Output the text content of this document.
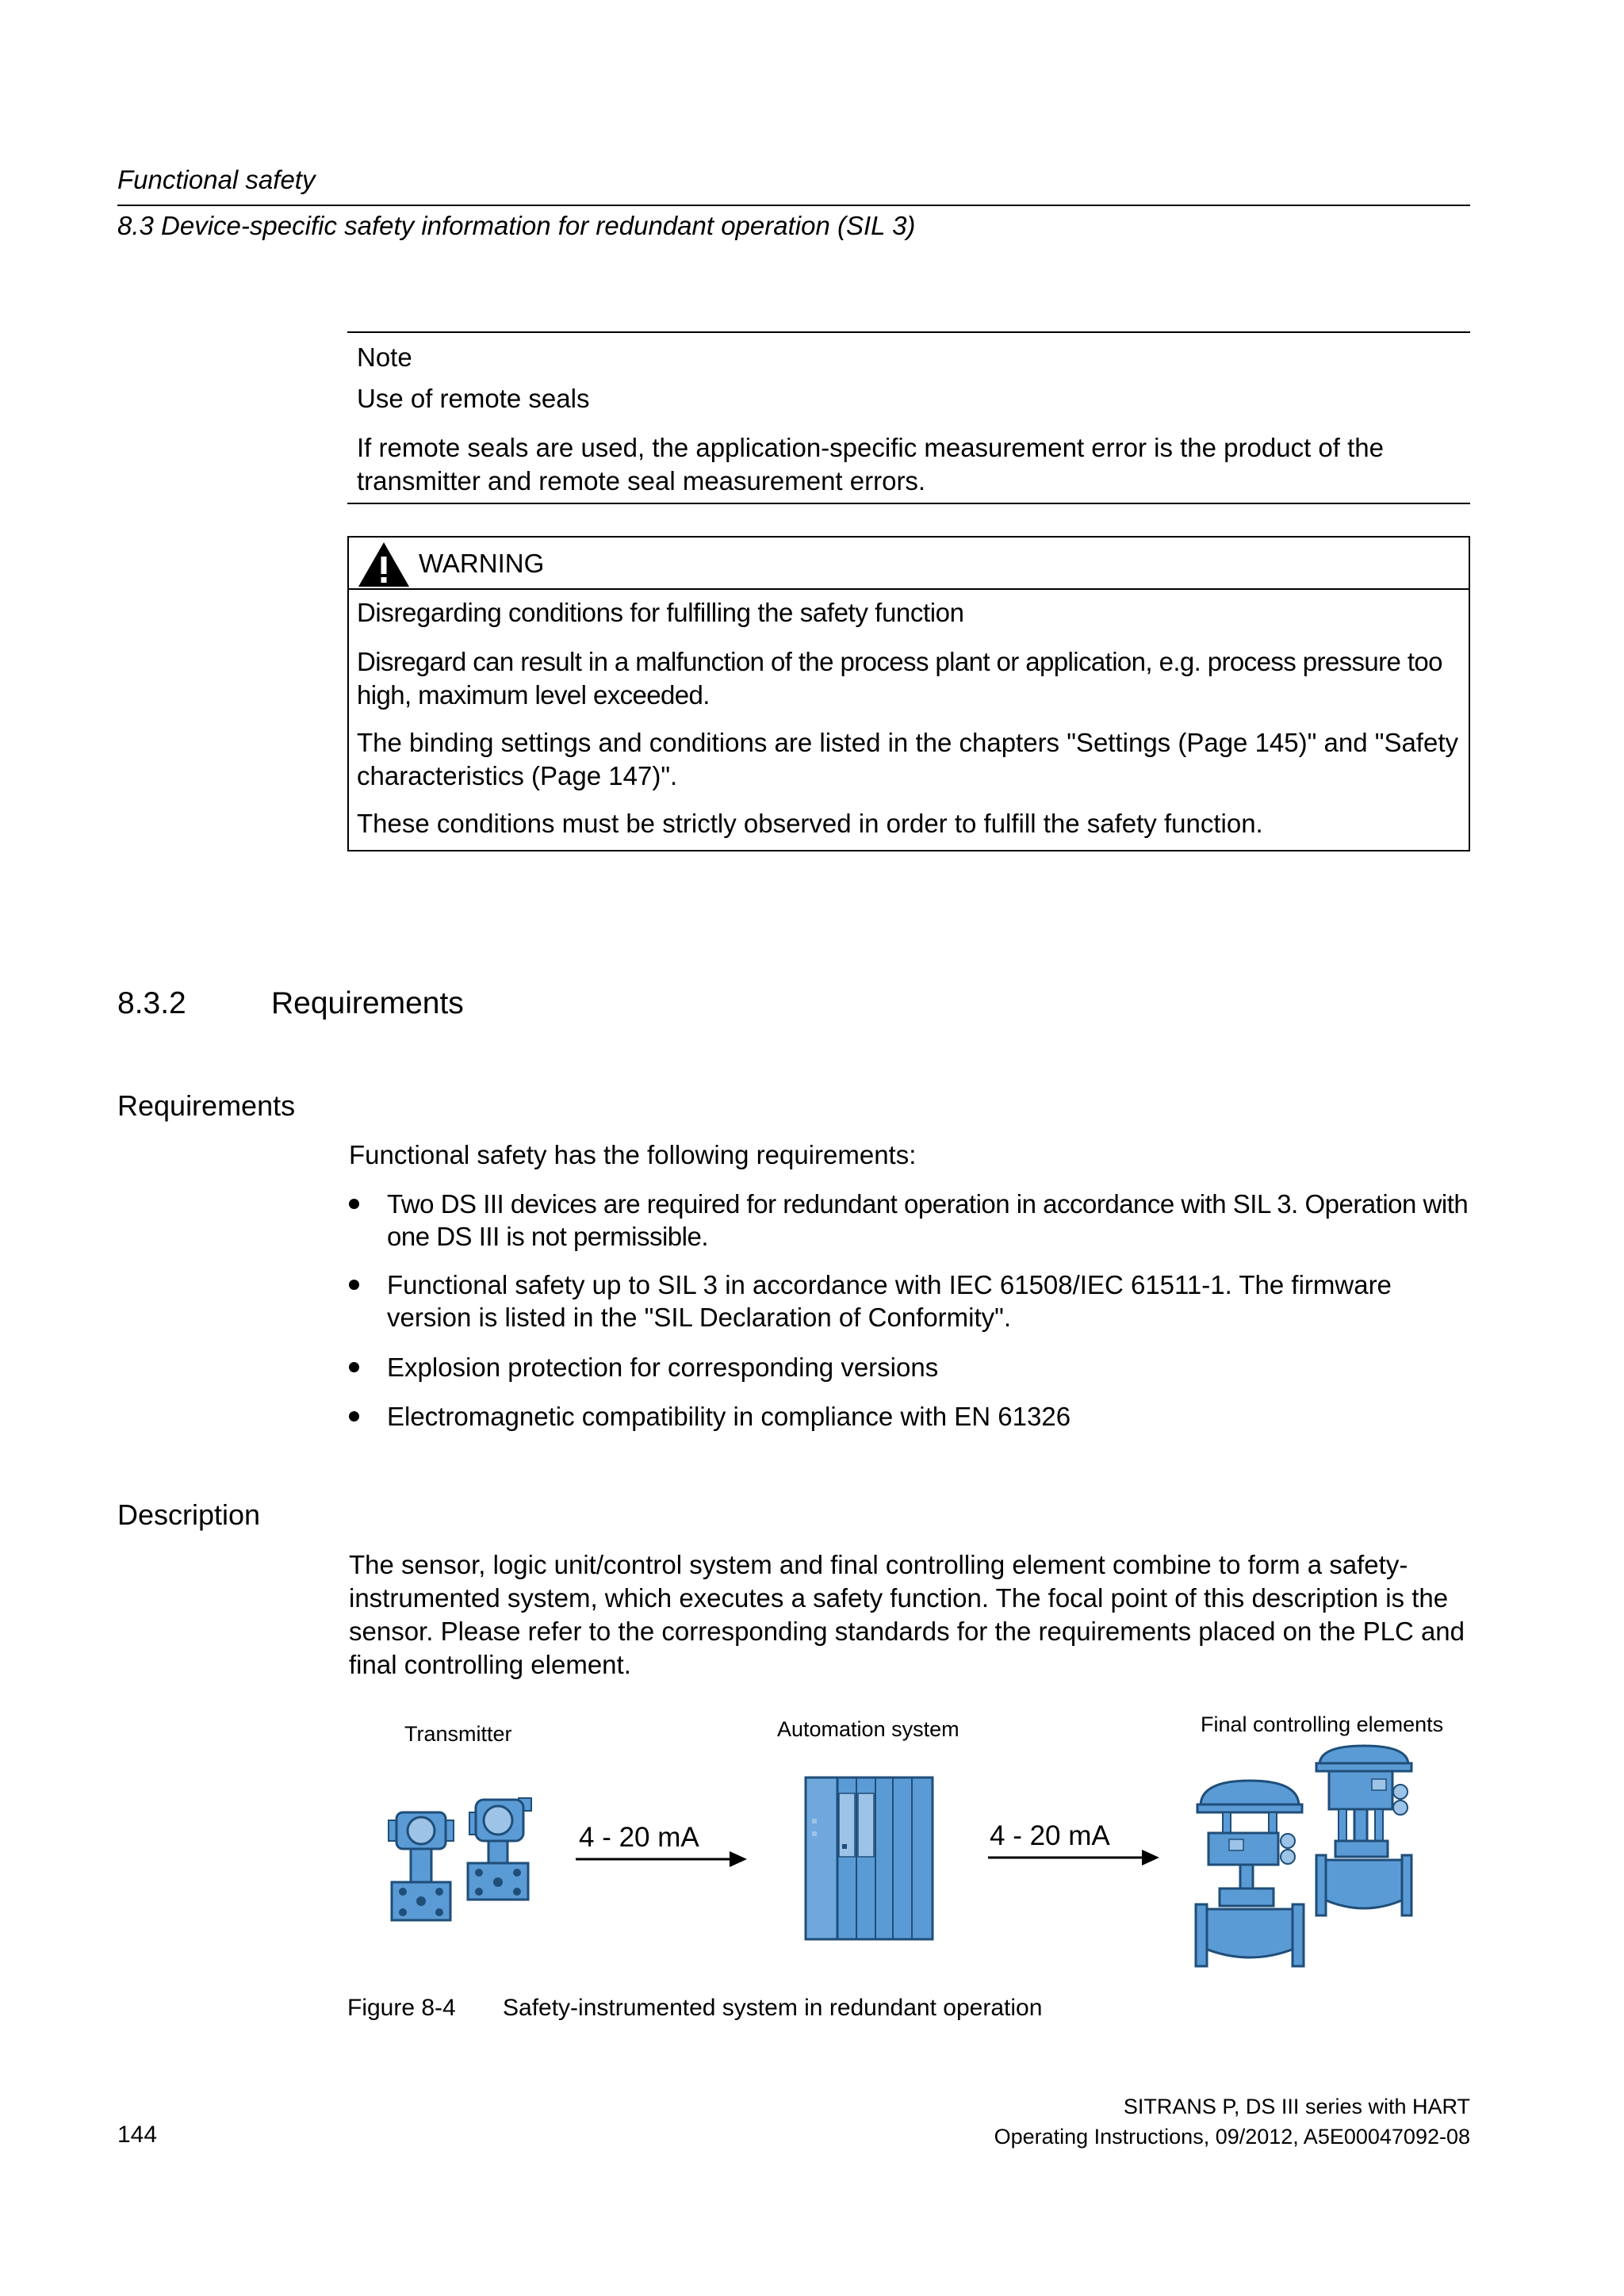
Functional safety
8.3 Device-specific safety information for redundant operation (SIL 3)
Note
Use of remote seals
If remote seals are used, the application-specific measurement error is the product of the transmitter and remote seal measurement errors.
WARNING
Disregarding conditions for fulfilling the safety function
Disregard can result in a malfunction of the process plant or application, e.g. process pressure too high, maximum level exceeded.
The binding settings and conditions are listed in the chapters "Settings (Page 145)" and "Safety characteristics (Page 147)".
These conditions must be strictly observed in order to fulfill the safety function.
8.3.2	Requirements
Requirements
Functional safety has the following requirements:
Two DS III devices are required for redundant operation in accordance with SIL 3. Operation with one DS III is not permissible.
Functional safety up to SIL 3 in accordance with IEC 61508/IEC 61511-1. The firmware version is listed in the "SIL Declaration of Conformity".
Explosion protection for corresponding versions
Electromagnetic compatibility in compliance with EN 61326
Description
The sensor, logic unit/control system and final controlling element combine to form a safety-instrumented system, which executes a safety function. The focal point of this description is the sensor. Please refer to the corresponding standards for the requirements placed on the PLC and final controlling element.
Transmitter	Automation system	Final controlling elements
4 - 20 mA	4 - 20 mA
Figure 8-4 Safety-instrumented system in redundant operation
144
SITRANS P, DS III series with HART
Operating Instructions, 09/2012, A5E00047092-08
